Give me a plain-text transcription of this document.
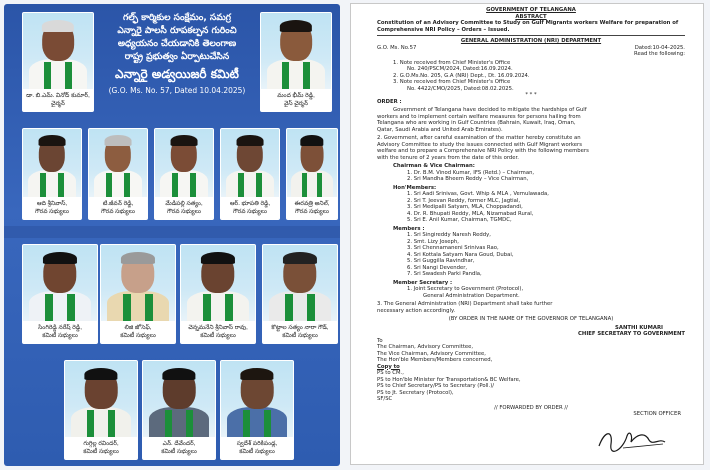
గల్ఫ్ కార్మికుల సంక్షేమం, సమగ్ర
ఎన్నారై పాలసీ రూపకల్పన గురించి
అధ్యయనం చేయడానికి తెలంగాణ
రాష్ట్ర ప్రభుత్వం ఏర్పాటుచేసిన
ఎన్నారై అడ్వయిజరీ కమిటీ
(G.O. Ms. No. 57, Dated 10.04.2025)
డా. బి.ఎమ్. వినోద్ కుమార్,
చైర్మన్
మంద భీమ్ రెడ్డి,
వైస్ చైర్మన్
ఆది శ్రీనివాస్,
గౌరవ సభ్యులు
టి.జీవన్ రెడ్డి,
గౌరవ సభ్యులు
మేడిపల్లి సత్యం,
గౌరవ సభ్యులు
ఆర్. భూపతి రెడ్డి,
గౌరవ సభ్యులు
ఈరవత్రి అనిల్,
గౌరవ సభ్యులు
సింగిరెడ్డి నరేష్ రెడ్డి,
కమిటీ సభ్యులు
లిజి జోసెఫ్,
కమిటీ సభ్యులు
చెన్నమనేని శ్రీనివాస్ రావు,
కమిటీ సభ్యులు
కొట్టాల సత్యం నారా గౌడ్,
కమిటీ సభ్యులు
గుగ్గిల్ల రవిందర్,
కమిటీ సభ్యులు
ఎన్. దేవేందర్,
కమిటీ సభ్యులు
స్వదేశ్ పరికిపండ్ల,
కమిటీ సభ్యులు

GOVERNMENT OF TELANGANA

ABSTRACT

Constitution of an Advisory Committee to Study on Gulf Migrants workers Welfare for preparation of Comprehensive NRI Policy – Orders – Issued.

GENERAL ADMINISTRATION (NRI) DEPARTMENT

G.O. Ms. No.57	Dated:10-04-2025.

Read the following:

1. Note received from Chief Minister's Office

No. 240/PSCM/2024, Dated:16.09.2024.

2. G.O.Ms.No. 205, G.A (NRI) Dept., Dt. 16.09.2024.

3. Note received from Chief Minister's Office

No. 4422/CMO/2025, Dated:08.02.2025.

* * *

ORDER :

Government of Telangana have decided to mitigate the hardships of Gulf

workers and to implement certain welfare measures for persons hailing from

Telangana who are working in Gulf Countries (Bahrain, Kuwait, Iraq, Oman,

Qatar, Saudi Arabia and United Arab Emirates).

2. Government, after careful examination of the matter hereby constitute an

Advisory Committee to study the issues connected with Gulf Migrant workers

welfare and to prepare a Comprehensive NRI Policy with the following members

with the tenure of 2 years from the date of this order.

Chairman & Vice Chairman:

1. Dr. B.M. Vinod Kumar, IFS (Retd.) – Chairman,

2. Sri Mandha Bheem Reddy – Vice Chairman,

Hon'Members:

1. Sri Aadi Srinivas, Govt. Whip & MLA , Vemulawada,

2. Sri T. Jeevan Reddy, former MLC, Jagtial,

3. Sri Medipalli Satyam, MLA, Choppadandi,

4. Dr. R. Bhupati Reddy, MLA, Nizamabad Rural,

5. Sri E. Anil Kumar, Chairman, TGMDC,

Members :

1. Sri Singireddy Naresh Reddy,

2. Smt. Lizy Joseph,

3. Sri Chennamaneni Srinivas Rao,

4. Sri Kottala Satyam Nara Goud, Dubai,

5. Sri Guggilla Ravindhar,

6. Sri Nangi Devender,

7. Sri Swadesh Parki Pandla,

Member Secretary :

1. Joint Secretary to Government (Protocol),

General Administration Department.

3. The General Administration (NRI) Department shall take further

necessary action accordingly.

(BY ORDER IN THE NAME OF THE GOVERNOR OF TELANGANA)

SANTHI KUMARI

CHIEF SECRETARY TO GOVERNMENT

To

The Chairman, Advisory Committee,

The Vice Chairman, Advisory Committee,

The Hon'ble Members/Members concerned,

Copy to

PS to CM.,

PS to Hon'ble Minister for Transportation& BC Welfare,

PS to Chief Secretary/PS to Secretary (Poll.)/

PS to Jt. Secretary (Protocol),

SF/SC

// FORWARDED BY ORDER //

SECTION OFFICER
